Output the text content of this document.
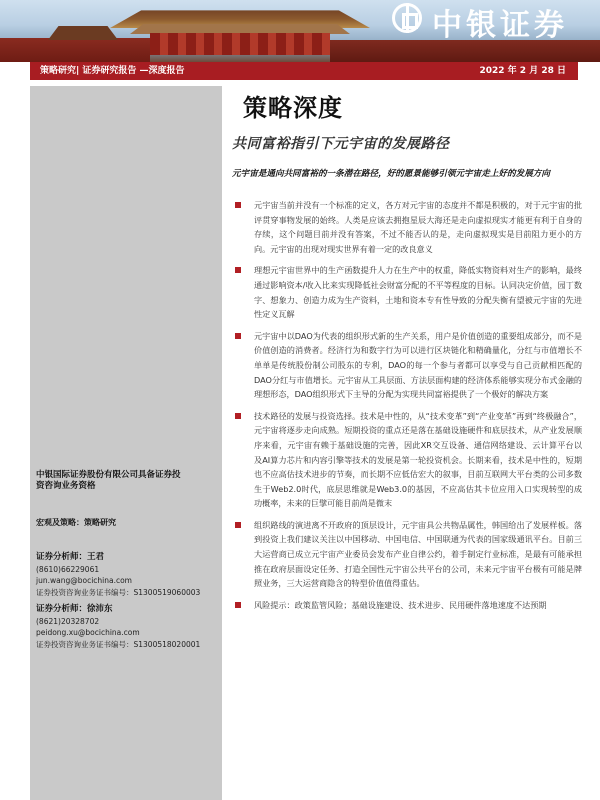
中银证券
策略研究| 证券研究报告 —深度报告	2022 年 2 月 28 日
中银国际证券股份有限公司具备证券投资咨询业务资格
宏观及策略：策略研究
证券分析师：王君
(8610)66229061
jun.wang@bocichina.com
证券投资咨询业务证书编号：S1300519060003
证券分析师：徐沛东
(8621)20328702
peidong.xu@bocichina.com
证券投资咨询业务证书编号：S1300518020001
策略深度
共同富裕指引下元宇宙的发展路径
元宇宙是通向共同富裕的一条潜在路径，好的愿景能够引领元宇宙走上好的发展方向
元宇宙当前并没有一个标准的定义，各方对元宇宙的态度并不都是积极的，对于元宇宙的批评贯穿事物发展的始终。人类是应该去拥抱星辰大海还是走向虚拟现实才能更有利于自身的存续，这个问题目前并没有答案，不过不能否认的是，走向虚拟现实是目前阻力更小的方向。元宇宙的出现对现实世界有着一定的改良意义
理想元宇宙世界中的生产函数提升人力在生产中的权重，降低实物资料对生产的影响，最终通过影响资本/收入比来实现降低社会财富分配的不平等程度的目标。认同决定价值，园丁数字、想象力、创造力成为生产资料，土地和资本专有性导致的分配失衡有望被元宇宙的先进性定义瓦解
元宇宙中以DAO为代表的组织形式新的生产关系，用户是价值创造的重要组成部分，而不是价值创造的消费者。经济行为和数字行为可以进行区块链化和精确量化，分红与市值增长不单单是传统股份制公司股东的专利，DAO的每一个参与者都可以享受与自己贡献相匹配的DAO分红与市值增长。元宇宙从工具层面、方法层面构建的经济体系能够实现分布式金融的理想形态，DAO组织形式下主导的分配为实现共同富裕提供了一个极好的解决方案
技术路径的发展与投资选择。技术是中性的，从“技术变革”到“产业变革”再到“终极融合”，元宇宙将逐步走向成熟。短期投资的重点还是落在基础设施硬件和底层技术，从产业发展顺序来看，元宇宙有赖于基础设施的完善，因此XR交互设备、通信网络建设、云计算平台以及AI算力芯片和内容引擎等技术的发展是第一轮投资机会。长期来看，技术是中性的，短期也不应高估技术进步的节奏，而长期不应低估宏大的叙事，目前互联网大平台类的公司多数生于Web2.0时代，底层思维就是Web3.0的基因，不应高估其卡位应用入口实现转型的成功概率，未来的巨擘可能目前尚是微末
组织路线的演进离不开政府的顶层设计，元宇宙具公共物品属性，韩国给出了发展样板。落到投资上我们建议关注以中国移动、中国电信、中国联通为代表的国家级通讯平台。目前三大运营商已成立元宇宙产业委员会发布产业自律公约，着手制定行业标准，是最有可能承担推在政府层面设定任务、打造全国性元宇宙公共平台的公司，未来元宇宙平台极有可能是牌照业务，三大运营商隐含的特型价值值得重估。
风险提示：政策监管风险；基础设施建设、技术进步、民用硬件落地速度不达预期
